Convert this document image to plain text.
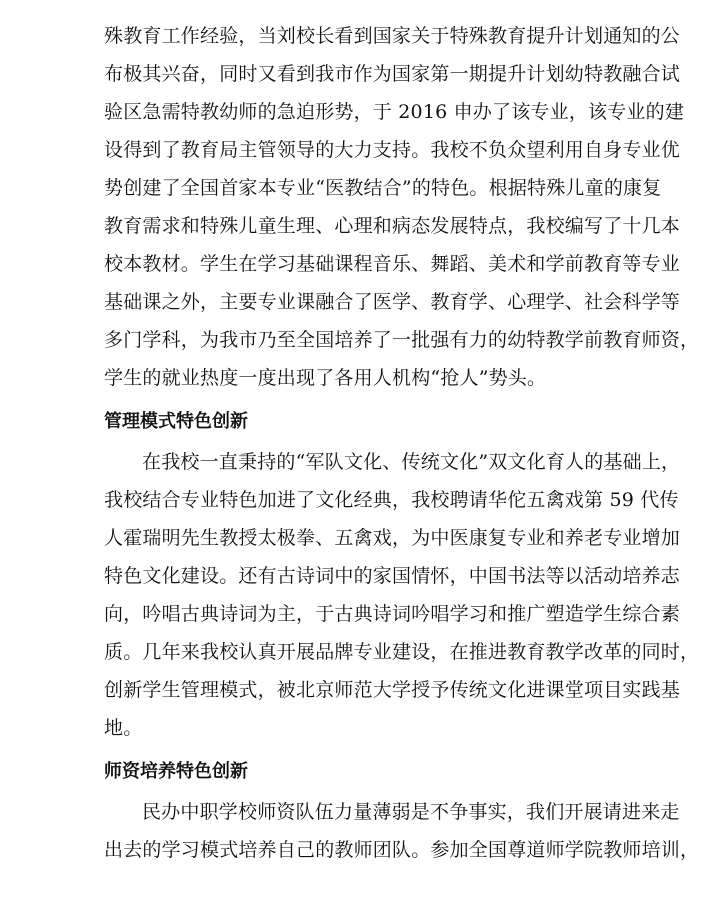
殊教育工作经验，当刘校长看到国家关于特殊教育提升计划通知的公
布极其兴奋，同时又看到我市作为国家第一期提升计划幼特教融合试
验区急需特教幼师的急迫形势，于 2016 申办了该专业，该专业的建
设得到了教育局主管领导的大力支持。我校不负众望利用自身专业优
势创建了全国首家本专业“医教结合”的特色。根据特殊儿童的康复
教育需求和特殊儿童生理、心理和病态发展特点，我校编写了十几本
校本教材。学生在学习基础课程音乐、舞蹈、美术和学前教育等专业
基础课之外，主要专业课融合了医学、教育学、心理学、社会科学等
多门学科，为我市乃至全国培养了一批强有力的幼特教学前教育师资，
学生的就业热度一度出现了各用人机构“抢人”势头。
管理模式特色创新
在我校一直秉持的“军队文化、传统文化”双文化育人的基础上，
我校结合专业特色加进了文化经典，我校聘请华佗五禽戏第 59 代传
人霍瑞明先生教授太极拳、五禽戏，为中医康复专业和养老专业增加
特色文化建设。还有古诗词中的家国情怀，中国书法等以活动培养志
向，吟唱古典诗词为主，于古典诗词吟唱学习和推广塑造学生综合素
质。几年来我校认真开展品牌专业建设，在推进教育教学改革的同时，
创新学生管理模式，被北京师范大学授予传统文化进课堂项目实践基
地。
师资培养特色创新
民办中职学校师资队伍力量薄弱是不争事实，我们开展请进来走
出去的学习模式培养自己的教师团队。参加全国尊道师学院教师培训，
